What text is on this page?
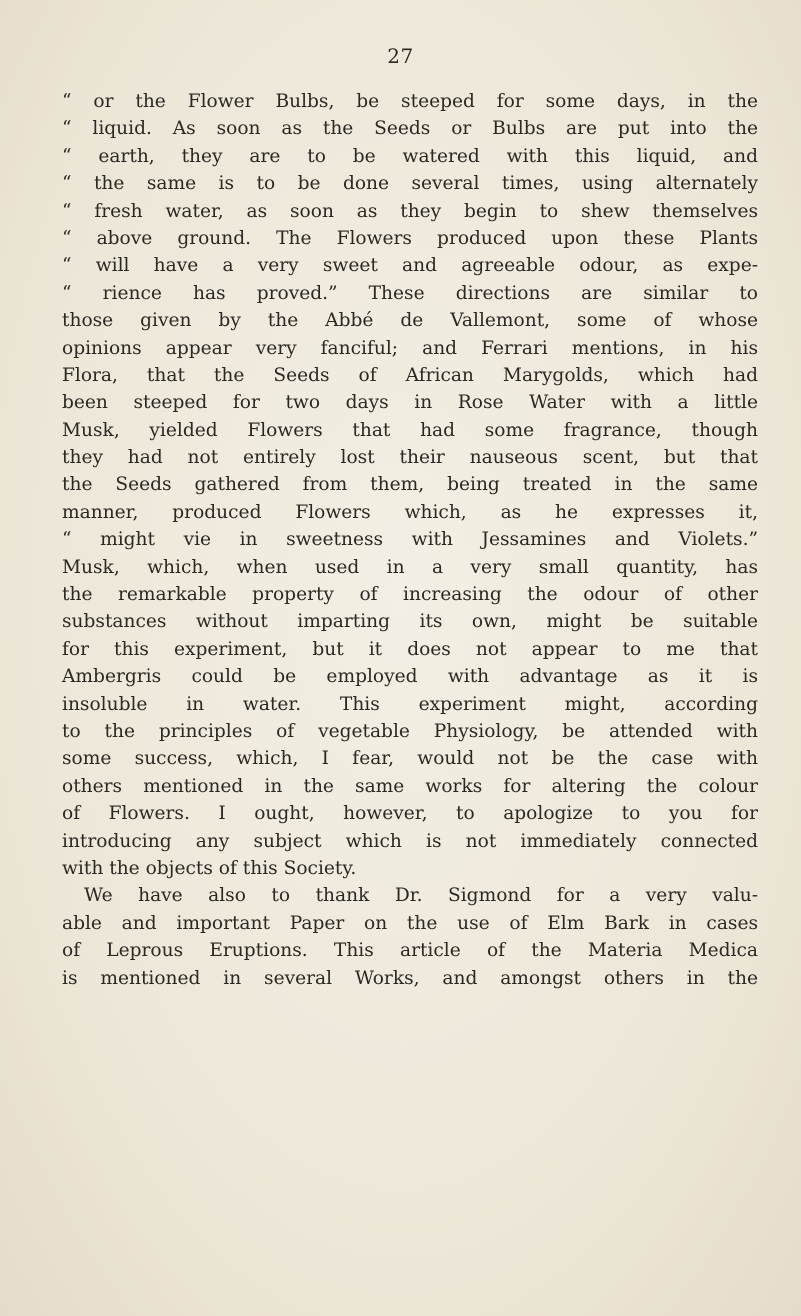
27
“ or the Flower Bulbs, be steeped for some days, in the
“ liquid. As soon as the Seeds or Bulbs are put into the
“ earth, they are to be watered with this liquid, and
“ the same is to be done several times, using alternately
“ fresh water, as soon as they begin to shew themselves
“ above ground. The Flowers produced upon these Plants
“ will have a very sweet and agreeable odour, as expe-
“ rience has proved.” These directions are similar to
those given by the Abbé de Vallemont, some of whose
opinions appear very fanciful; and Ferrari mentions, in his
Flora, that the Seeds of African Marygolds, which had
been steeped for two days in Rose Water with a little
Musk, yielded Flowers that had some fragrance, though
they had not entirely lost their nauseous scent, but that
the Seeds gathered from them, being treated in the same
manner, produced Flowers which, as he expresses it,
“ might vie in sweetness with Jessamines and Violets.”
Musk, which, when used in a very small quantity, has
the remarkable property of increasing the odour of other
substances without imparting its own, might be suitable
for this experiment, but it does not appear to me that
Ambergris could be employed with advantage as it is
insoluble in water. This experiment might, according
to the principles of vegetable Physiology, be attended with
some success, which, I fear, would not be the case with
others mentioned in the same works for altering the colour
of Flowers. I ought, however, to apologize to you for
introducing any subject which is not immediately connected
with the objects of this Society.
We have also to thank Dr. Sigmond for a very valu-
able and important Paper on the use of Elm Bark in cases
of Leprous Eruptions. This article of the Materia Medica
is mentioned in several Works, and amongst others in the
